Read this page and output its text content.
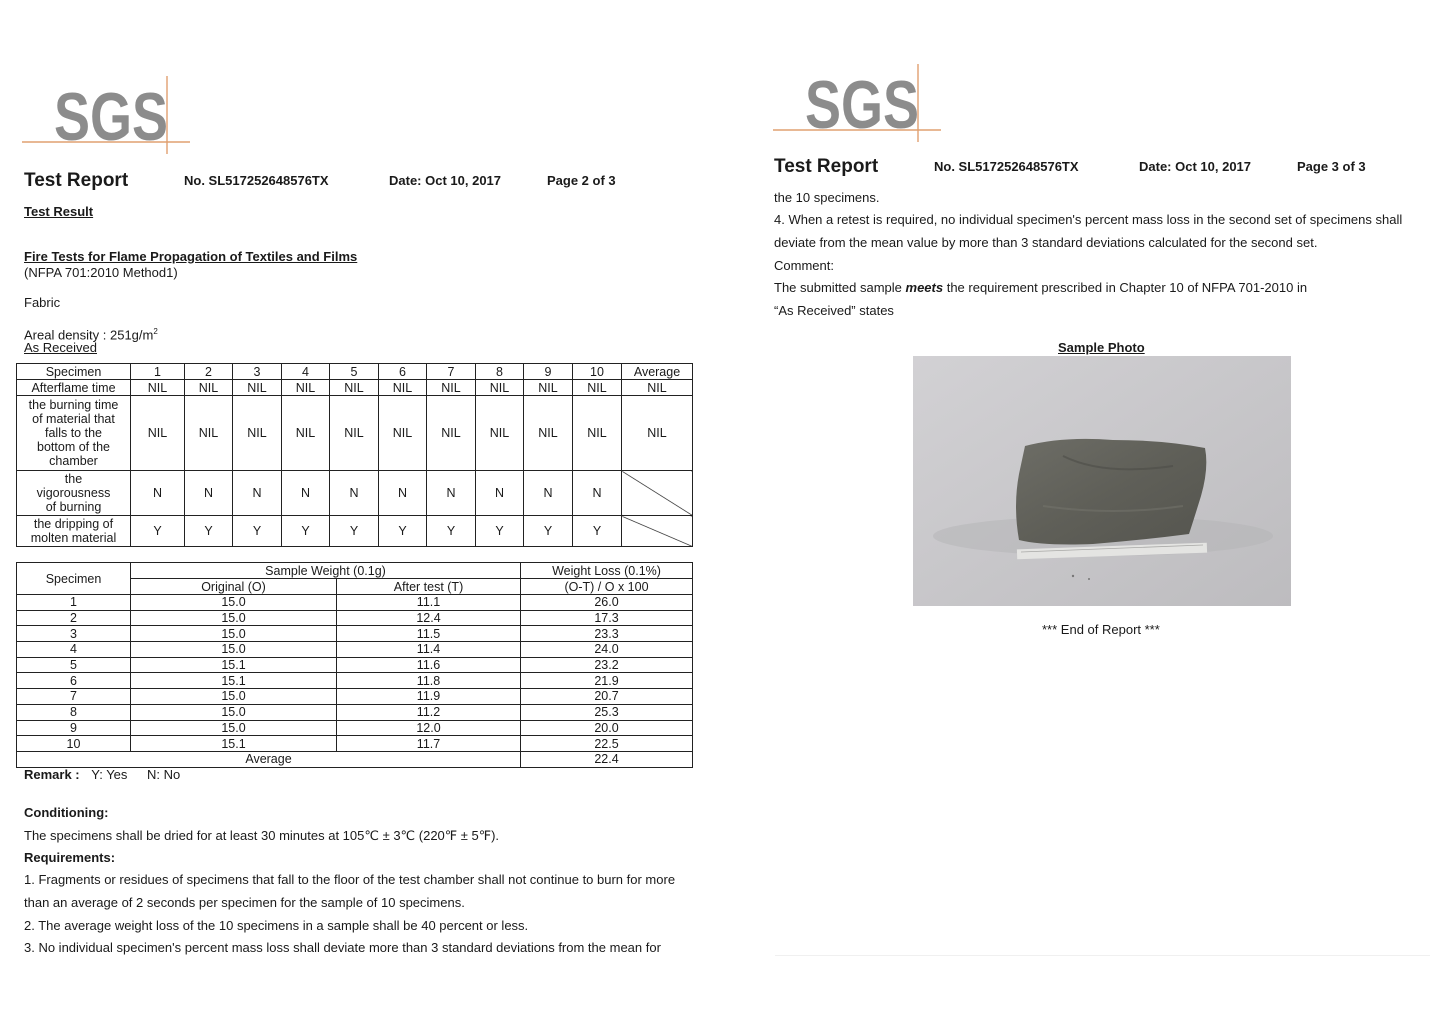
SGS
Test Report	No. SL517252648576TX	Date: Oct 10, 2017	Page 2 of 3
Test Result
Fire Tests for Flame Propagation of Textiles and Films
(NFPA 701:2010 Method1)
Fabric
Areal density : $251g/m^2$
As Received
Specimen	1	2	3	4	5	6	7	8	9	10	Average
Afterflame time	NIL	NIL	NIL	NIL	NIL	NIL	NIL	NIL	NIL	NIL	NIL
the burning time of material that falls to the bottom of the chamber	NIL	NIL	NIL	NIL	NIL	NIL	NIL	NIL	NIL	NIL	NIL
the vigorousness of burning	N	N	N	N	N	N	N	N	N	N	
the dripping of molten material	Y	Y	Y	Y	Y	Y	Y	Y	Y	Y	
Specimen	Sample Weight (0.1g)		Weight Loss (0.1%)
	Original (O)	After test (T)	(O-T) / O x 100
1	15.0	11.1	26.0
2	15.0	12.4	17.3
3	15.0	11.5	23.3
4	15.0	11.4	24.0
5	15.1	11.6	23.2
6	15.1	11.8	21.9
7	15.0	11.9	20.7
8	15.0	11.2	25.3
9	15.0	12.0	20.0
10	15.1	11.7	22.5
Average			22.4
Remark : Y: Yes N: No
Conditioning:
The specimens shall be dried for at least 30 minutes at 105℃ ± 3℃ (220℉ ± 5℉).
Requirements:
1. Fragments or residues of specimens that fall to the floor of the test chamber shall not continue to burn for more than an average of 2 seconds per specimen for the sample of 10 specimens.
2. The average weight loss of the 10 specimens in a sample shall be 40 percent or less.
3. No individual specimen's percent mass loss shall deviate more than 3 standard deviations from the mean for
SGS
Test Report	No. SL517252648576TX	Date: Oct 10, 2017	Page 3 of 3
the 10 specimens.
4. When a retest is required, no individual specimen's percent mass loss in the second set of specimens shall deviate from the mean value by more than 3 standard deviations calculated for the second set.
Comment:
The submitted sample meets the requirement prescribed in Chapter 10 of NFPA 701-2010 in
“As Received” states
Sample Photo
*** End of Report ***
